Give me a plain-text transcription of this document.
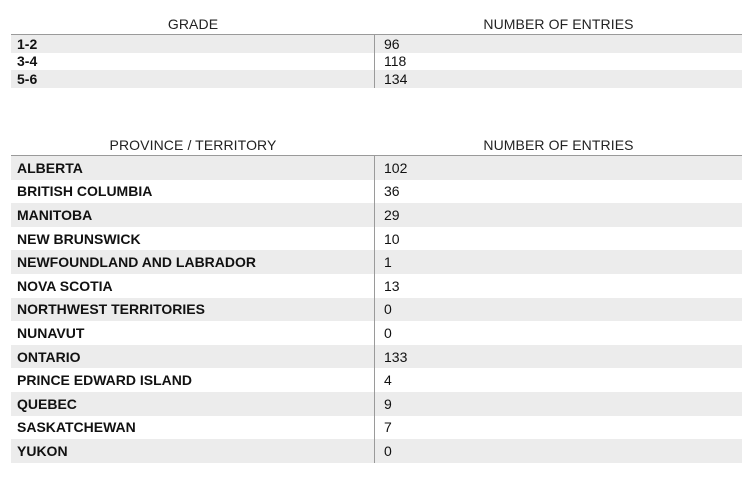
GRADE	NUMBER OF ENTRIES
1-2	96
3-4	118
5-6	134
PROVINCE / TERRITORY	NUMBER OF ENTRIES
ALBERTA	102
BRITISH COLUMBIA	36
MANITOBA	29
NEW BRUNSWICK	10
NEWFOUNDLAND AND LABRADOR	1
NOVA SCOTIA	13
NORTHWEST TERRITORIES	0
NUNAVUT	0
ONTARIO	133
PRINCE EDWARD ISLAND	4
QUEBEC	9
SASKATCHEWAN	7
YUKON	0
